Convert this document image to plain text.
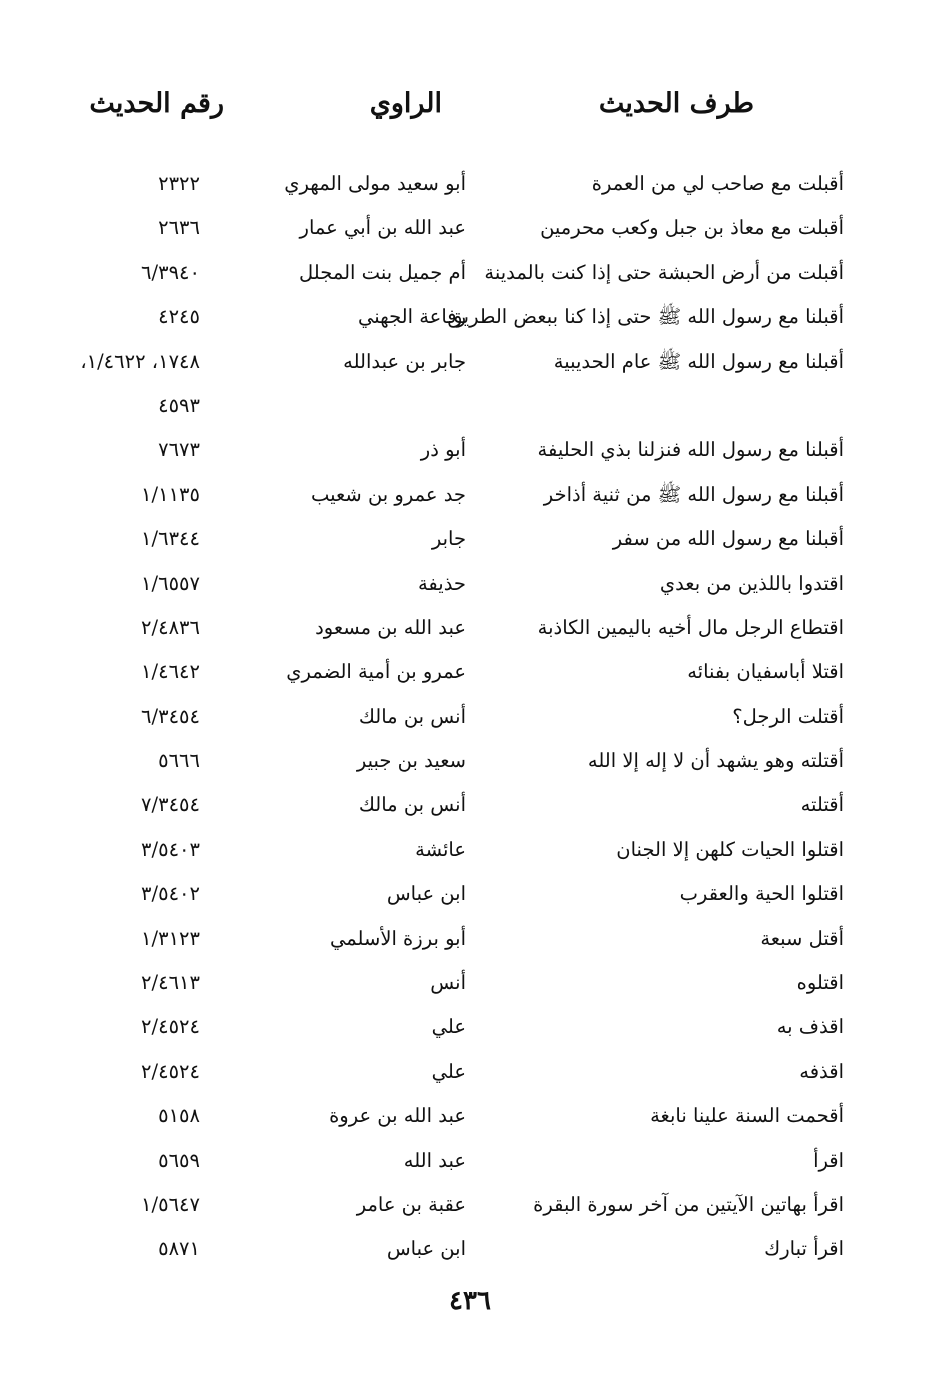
طرف الحديث
الراوي
رقم الحديث
أقبلت مع صاحب لي من العمرة
أبو سعيد مولى المهري
٢٣٢٢
أقبلت مع معاذ بن جبل وكعب محرمين
عبد الله بن أبي عمار
٢٦٣٦
أقبلت من أرض الحبشة حتى إذا كنت بالمدينة
أم جميل بنت المجلل
٦/٣٩٤٠
أقبلنا مع رسول الله ﷺ حتى إذا كنا ببعض الطريق
رفاعة الجهني
٤٢٤٥
أقبلنا مع رسول الله ﷺ عام الحديبية
جابر بن عبدالله
١٧٤٨، ١/٤٦٢٢،
٤٥٩٣
أقبلنا مع رسول الله فنزلنا بذي الحليفة
أبو ذر
٧٦٧٣
أقبلنا مع رسول الله ﷺ من ثنية أذاخر
جد عمرو بن شعيب
١/١١٣٥
أقبلنا مع رسول الله من سفر
جابر
١/٦٣٤٤
اقتدوا باللذين من بعدي
حذيفة
١/٦٥٥٧
اقتطاع الرجل مال أخيه باليمين الكاذبة
عبد الله بن مسعود
٢/٤٨٣٦
اقتلا أباسفيان بفنائه
عمرو بن أمية الضمري
١/٤٦٤٢
أقتلت الرجل؟
أنس بن مالك
٦/٣٤٥٤
أقتلته وهو يشهد أن لا إله إلا الله
سعيد بن جبير
٥٦٦٦
أقتلته
أنس بن مالك
٧/٣٤٥٤
اقتلوا الحيات كلهن إلا الجنان
عائشة
٣/٥٤٠٣
اقتلوا الحية والعقرب
ابن عباس
٣/٥٤٠٢
أقتل سبعة
أبو برزة الأسلمي
١/٣١٢٣
اقتلوه
أنس
٢/٤٦١٣
اقذف به
علي
٢/٤٥٢٤
اقذفه
علي
٢/٤٥٢٤
أقحمت السنة علينا نابغة
عبد الله بن عروة
٥١٥٨
اقرأ
عبد الله
٥٦٥٩
اقرأ بهاتين الآيتين من آخر سورة البقرة
عقبة بن عامر
١/٥٦٤٧
اقرأ تبارك
ابن عباس
٥٨٧١
٤٣٦
